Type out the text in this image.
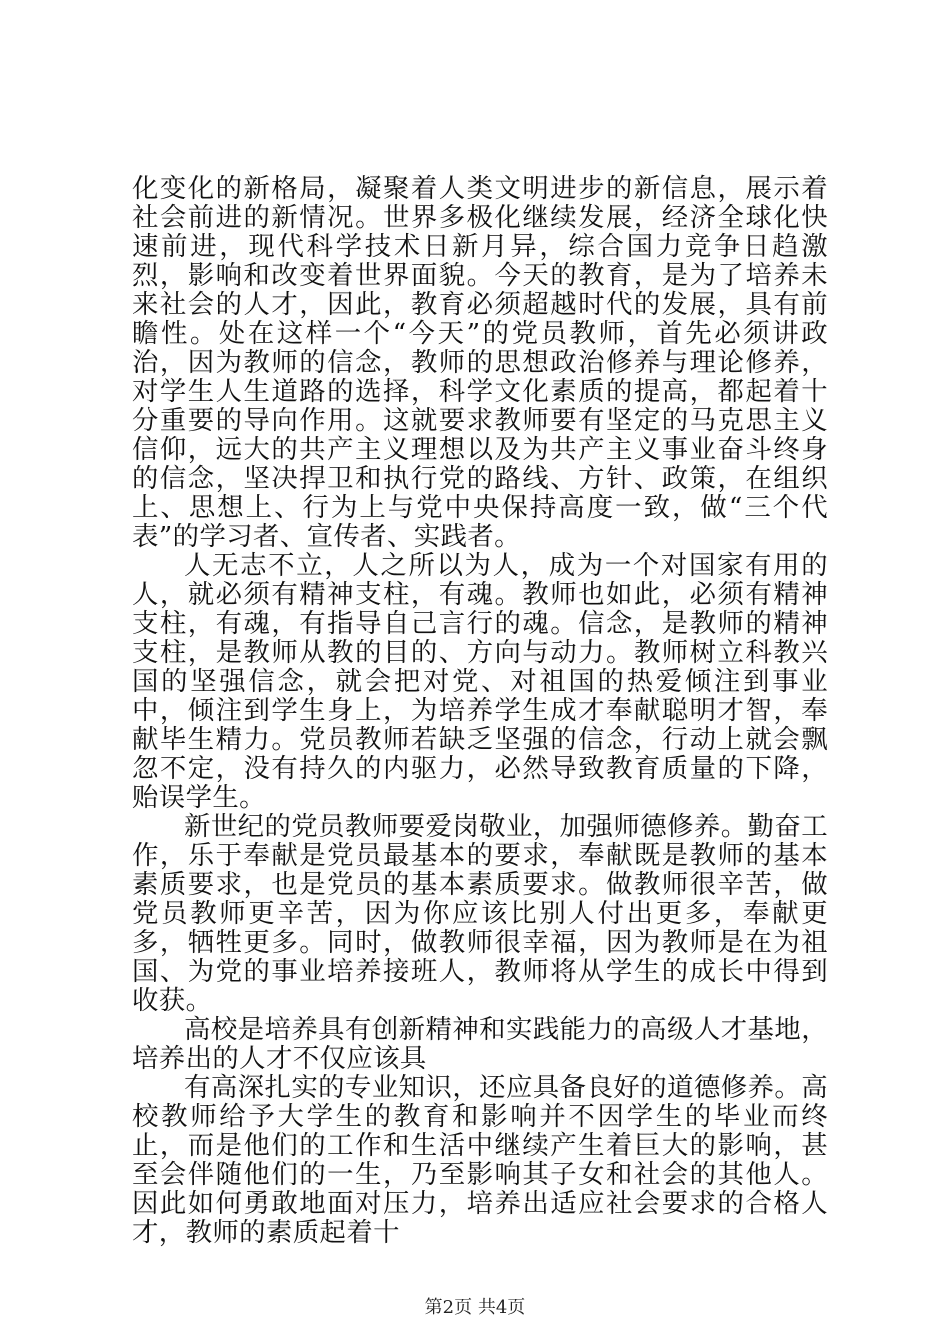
化变化的新格局，凝聚着人类文明进步的新信息，展示着社会前进的新情况。世界多极化继续发展，经济全球化快速前进，现代科学技术日新月异，综合国力竞争日趋激烈，影响和改变着世界面貌。今天的教育，是为了培养未来社会的人才，因此，教育必须超越时代的发展，具有前瞻性。处在这样一个“今天”的党员教师，首先必须讲政治，因为教师的信念，教师的思想政治修养与理论修养，对学生人生道路的选择，科学文化素质的提高，都起着十分重要的导向作用。这就要求教师要有坚定的马克思主义信仰，远大的共产主义理想以及为共产主义事业奋斗终身的信念，坚决捍卫和执行党的路线、方针、政策，在组织上、思想上、行为上与党中央保持高度一致，做“三个代表”的学习者、宣传者、实践者。

人无志不立，人之所以为人，成为一个对国家有用的人，就必须有精神支柱，有魂。教师也如此，必须有精神支柱，有魂，有指导自己言行的魂。信念，是教师的精神支柱，是教师从教的目的、方向与动力。教师树立科教兴国的坚强信念，就会把对党、对祖国的热爱倾注到事业中，倾注到学生身上，为培养学生成才奉献聪明才智，奉献毕生精力。党员教师若缺乏坚强的信念，行动上就会飘忽不定，没有持久的内驱力，必然导致教育质量的下降，贻误学生。

新世纪的党员教师要爱岗敬业，加强师德修养。勤奋工作，乐于奉献是党员最基本的要求，奉献既是教师的基本素质要求，也是党员的基本素质要求。做教师很辛苦，做党员教师更辛苦，因为你应该比别人付出更多，奉献更多，牺牲更多。同时，做教师很幸福，因为教师是在为祖国、为党的事业培养接班人，教师将从学生的成长中得到收获。

高校是培养具有创新精神和实践能力的高级人才基地，培养出的人才不仅应该具

有高深扎实的专业知识，还应具备良好的道德修养。高校教师给予大学生的教育和影响并不因学生的毕业而终止，而是他们的工作和生活中继续产生着巨大的影响，甚至会伴随他们的一生，乃至影响其子女和社会的其他人。因此如何勇敢地面对压力，培养出适应社会要求的合格人才，教师的素质起着十

第2页 共4页
